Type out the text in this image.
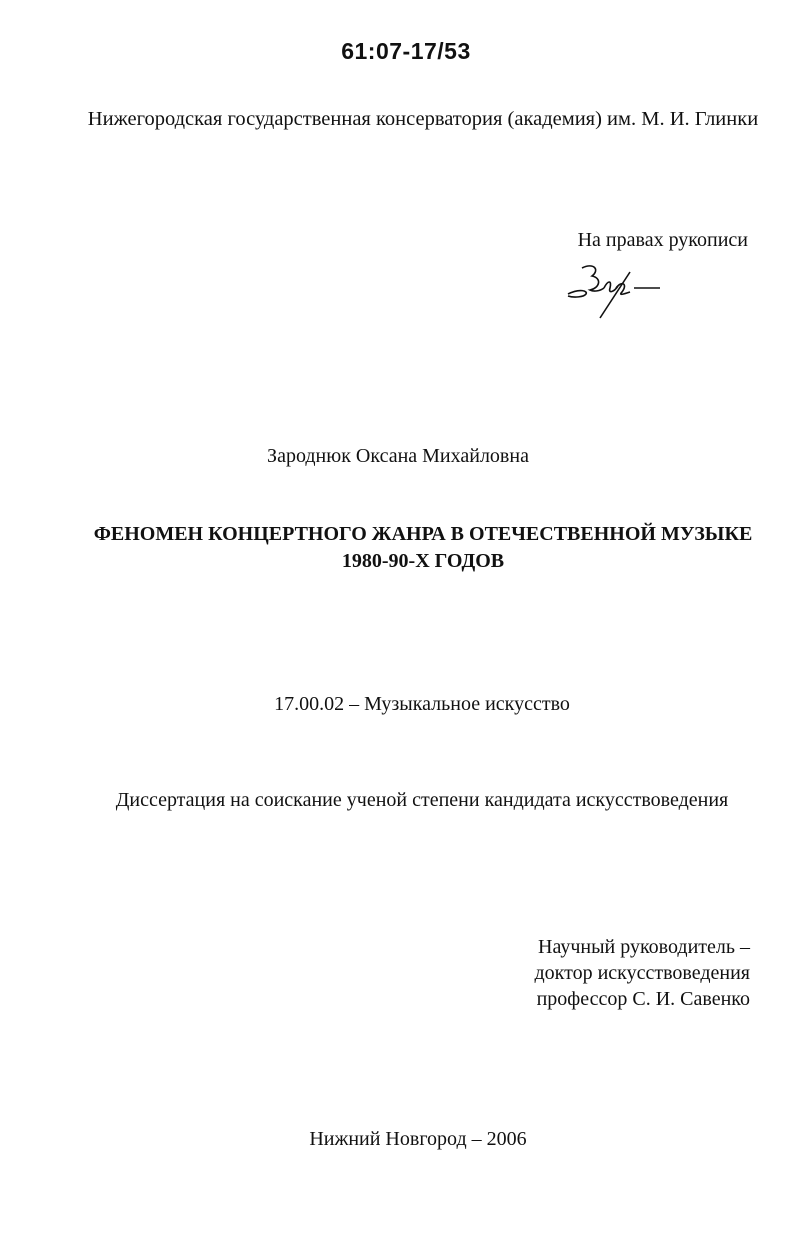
61:07-17/53
Нижегородская государственная консерватория (академия) им. М. И. Глинки
На правах рукописи
Зароднюк Оксана Михайловна
ФЕНОМЕН КОНЦЕРТНОГО ЖАНРА В ОТЕЧЕСТВЕННОЙ МУЗЫКЕ
1980-90-Х ГОДОВ
17.00.02 – Музыкальное искусство
Диссертация на соискание ученой степени кандидата искусствоведения
Научный руководитель –
доктор искусствоведения
профессор С. И. Савенко
Нижний Новгород – 2006
